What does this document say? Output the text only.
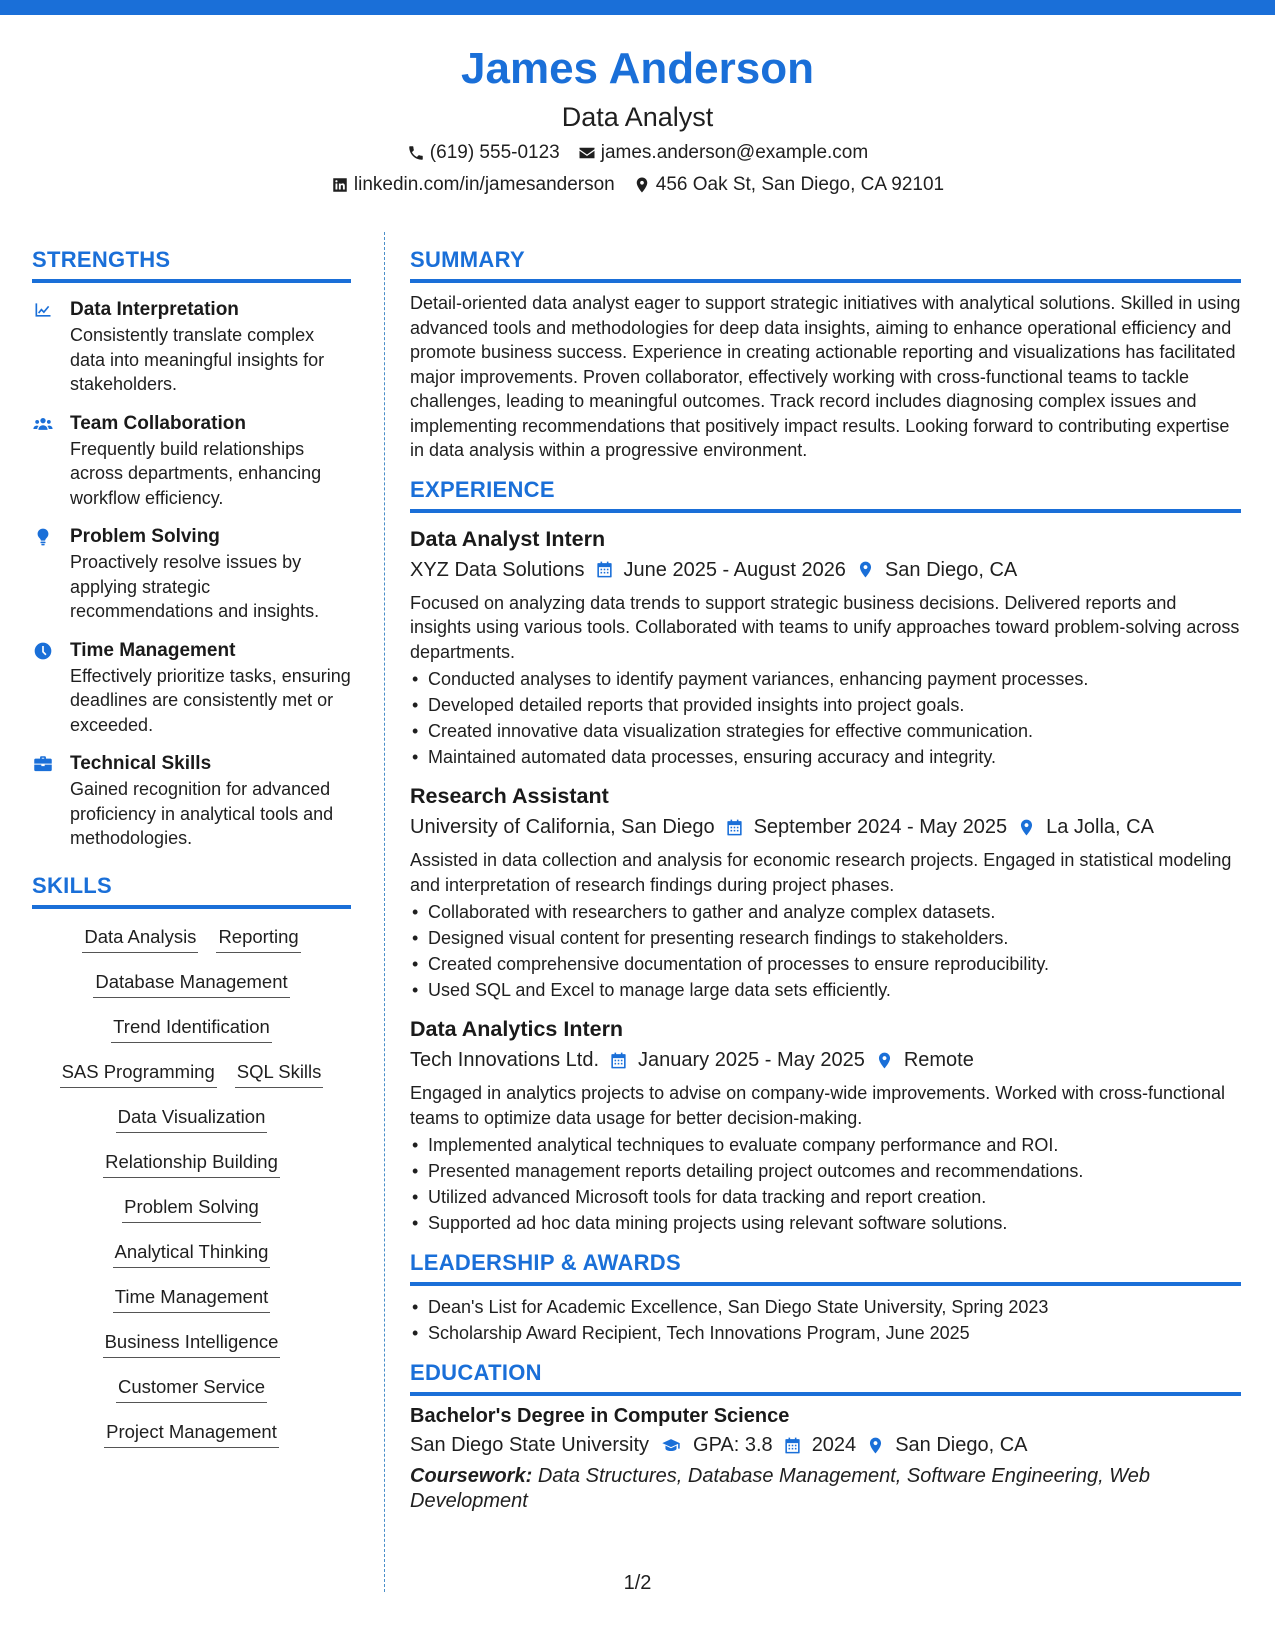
James Anderson
Data Analyst
(619) 555-0123 james.anderson@example.com
linkedin.com/in/jamesanderson 456 Oak St, San Diego, CA 92101
STRENGTHS
Data Interpretation
Consistently translate complex data into meaningful insights for stakeholders.
Team Collaboration
Frequently build relationships across departments, enhancing workflow efficiency.
Problem Solving
Proactively resolve issues by applying strategic recommendations and insights.
Time Management
Effectively prioritize tasks, ensuring deadlines are consistently met or exceeded.
Technical Skills
Gained recognition for advanced proficiency in analytical tools and methodologies.
SKILLS
Data Analysis Reporting
Database Management
Trend Identification
SAS Programming SQL Skills
Data Visualization
Relationship Building
Problem Solving
Analytical Thinking
Time Management
Business Intelligence
Customer Service
Project Management
SUMMARY
Detail-oriented data analyst eager to support strategic initiatives with analytical solutions. Skilled in using advanced tools and methodologies for deep data insights, aiming to enhance operational efficiency and promote business success. Experience in creating actionable reporting and visualizations has facilitated major improvements. Proven collaborator, effectively working with cross-functional teams to tackle challenges, leading to meaningful outcomes. Track record includes diagnosing complex issues and implementing recommendations that positively impact results. Looking forward to contributing expertise in data analysis within a progressive environment.
EXPERIENCE
Data Analyst Intern
XYZ Data Solutions June 2025 - August 2026 San Diego, CA
Focused on analyzing data trends to support strategic business decisions. Delivered reports and insights using various tools. Collaborated with teams to unify approaches toward problem-solving across departments.
• Conducted analyses to identify payment variances, enhancing payment processes.
• Developed detailed reports that provided insights into project goals.
• Created innovative data visualization strategies for effective communication.
• Maintained automated data processes, ensuring accuracy and integrity.
Research Assistant
University of California, San Diego September 2024 - May 2025 La Jolla, CA
Assisted in data collection and analysis for economic research projects. Engaged in statistical modeling and interpretation of research findings during project phases.
• Collaborated with researchers to gather and analyze complex datasets.
• Designed visual content for presenting research findings to stakeholders.
• Created comprehensive documentation of processes to ensure reproducibility.
• Used SQL and Excel to manage large data sets efficiently.
Data Analytics Intern
Tech Innovations Ltd. January 2025 - May 2025 Remote
Engaged in analytics projects to advise on company-wide improvements. Worked with cross-functional teams to optimize data usage for better decision-making.
• Implemented analytical techniques to evaluate company performance and ROI.
• Presented management reports detailing project outcomes and recommendations.
• Utilized advanced Microsoft tools for data tracking and report creation.
• Supported ad hoc data mining projects using relevant software solutions.
LEADERSHIP & AWARDS
• Dean's List for Academic Excellence, San Diego State University, Spring 2023
• Scholarship Award Recipient, Tech Innovations Program, June 2025
EDUCATION
Bachelor's Degree in Computer Science
San Diego State University GPA: 3.8 2024 San Diego, CA
Coursework: Data Structures, Database Management, Software Engineering, Web Development
1/2
